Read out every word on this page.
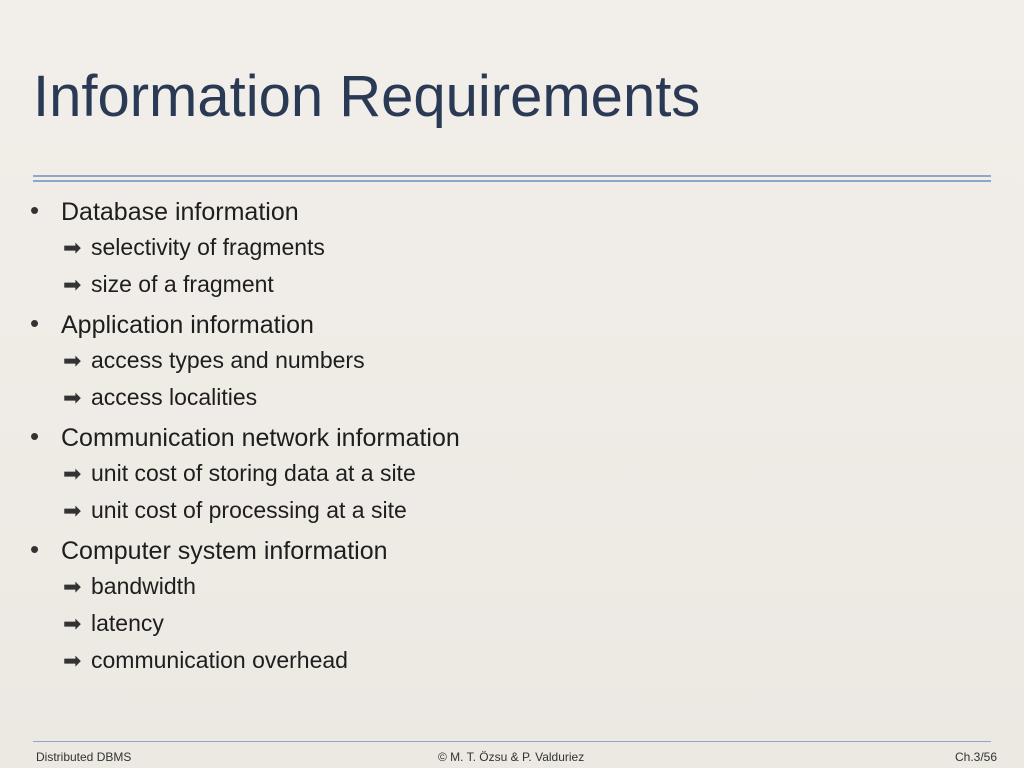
Information Requirements
• Database information
➡ selectivity of fragments
➡ size of a fragment
• Application information
➡ access types and numbers
➡ access localities
• Communication network information
➡ unit cost of storing data at a site
➡ unit cost of processing at a site
• Computer system information
➡ bandwidth
➡ latency
➡ communication overhead
Distributed DBMS	© M. T. Özsu & P. Valduriez	Ch.3/56
